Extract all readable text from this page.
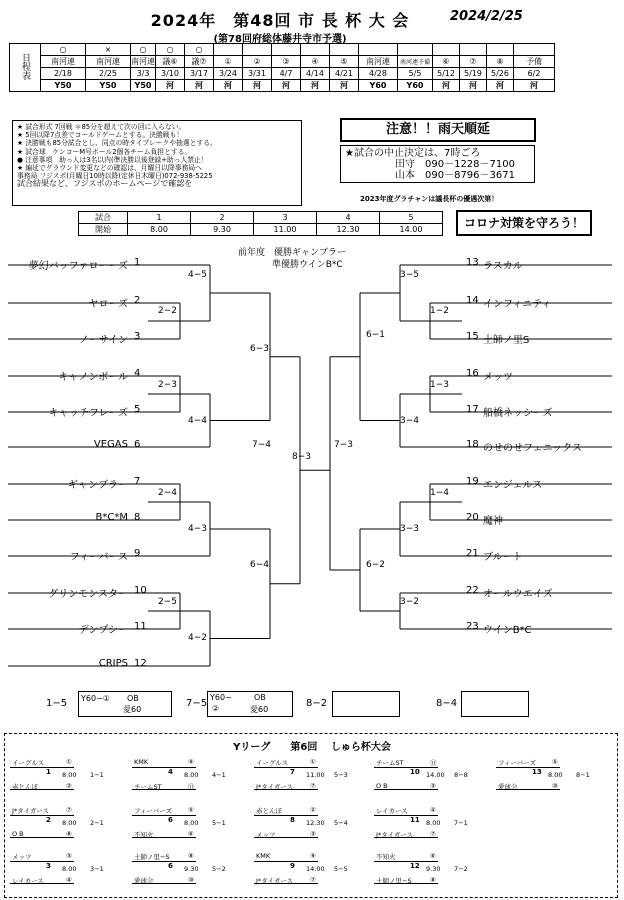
2024年　第48回 市 長 杯 大 会	2024/2/25
(第78回府総体藤井寺市予選)
日程表	○	×	○	○	○											
	南河連	南河連	南河連	議⑥	議⑦	①	②	③	④	⑤	南河連	南河連予備	⑥	⑦	⑧	予備
	2/18	2/25	3/3	3/10	3/17	3/24	3/31	4/7	4/14	4/21	4/28	5/5	5/12	5/19	5/26	6/2
	Y50	Y50	Y50	河	河	河	河	河	河	河	Y60	Y60	河	河	河	河
★ 試合形式 7回戦 ＊85分を超えて次の回に入らない。
★ 5回以降7点差でコールドゲームとする。決勝戦も！
★ 決勝戦も85分試合とし、同点の時タイブレークや抽選とする。
★ 試合球　ケンコーM号ボール2個各チーム負担とする。
● 注意事項　助っ人は3名以内(準決勝以後登録+助っ人禁止！
★ 編延でグラウンド変更などの確認は、月曜日以降事務局へ
事務局 フジスポ(月曜日10時以降(定休日木曜日)072-938-5225
試合結果など、フジスポのホームページで確認を
注意！！雨天順延
★試合の中止決定は、7時ごろ
田守　090－1228－7100
山本　090－8796－3671
2023年度グラチャンは議長杯の優遇次第！
試合	1	2	3	4	5
開始	8.00	9.30	11.00	12.30	14.00	コロナ対策を守ろう！
夢幻バッファローーズ 1
ヤローズ 2
ノーサイン 3
キャノンボール 4
キャッチフレーズ 5
VEGAS 6
ギャンブラー 7
B*C*M 8
フィーバース 9
グリンモンスター 10
デンプシー 11
CRIPS 12
13 ラスカル
14 インフィニティ
15 土師ノ里S
16 メッツ
17 船橋ネッシーズ
18 のせのせフェニックス
19 エンジェルス
20 魔神
21 ブルート
22 オールウエイズ
23 ウインB*C
4−5
2−2
6−3
2−3
4−4
7−4
2−4
4−3
6−4
2−5
4−2
8−3
3−5
1−2
6−1
1−3
3−4
7−3
1−4
3−3
6−2
3−2
前年度　優勝ギャンブラー
準優勝ウインB*C
1−5 Y60−① OB
愛60
7−5
Y60−	OB
②	愛60
8−2	8−4
Yリーグ　　第6回　 しゅら杯大会
イーグルス	①
1 8.00 1−1
赤とんぼ	②
KMK	⑨
4 8.00 4−1
チームST	⑪
イーグルス	①
7 11.00 5−3
J*タイガース	⑦
チームST	⑪
10 14.00 8−8
O B	③
フィーバーズ ⑤
13 8.00 8−1
愛球会	⑩
J*タイガース	⑦
2 8.00 2−1
O B	⑧
フィーバーズ ⑤
6 8.00 5−1
不知火	⑥
赤とんぼ	②
8 12.30 5−4
メッツ	③
レイカース	④
11 8.00 7−1
J*タイガース	⑦
メッツ	③
3 8.00 3−1
レイカース	④
土師ノ里−S	⑧
6 9.30 5−2
愛球会	⑩
KMK	⑨
9 14.00 5−5
J*タイガース	⑦
不知火	⑥
12 9.30 7−2
土師ノ里−S	⑧
